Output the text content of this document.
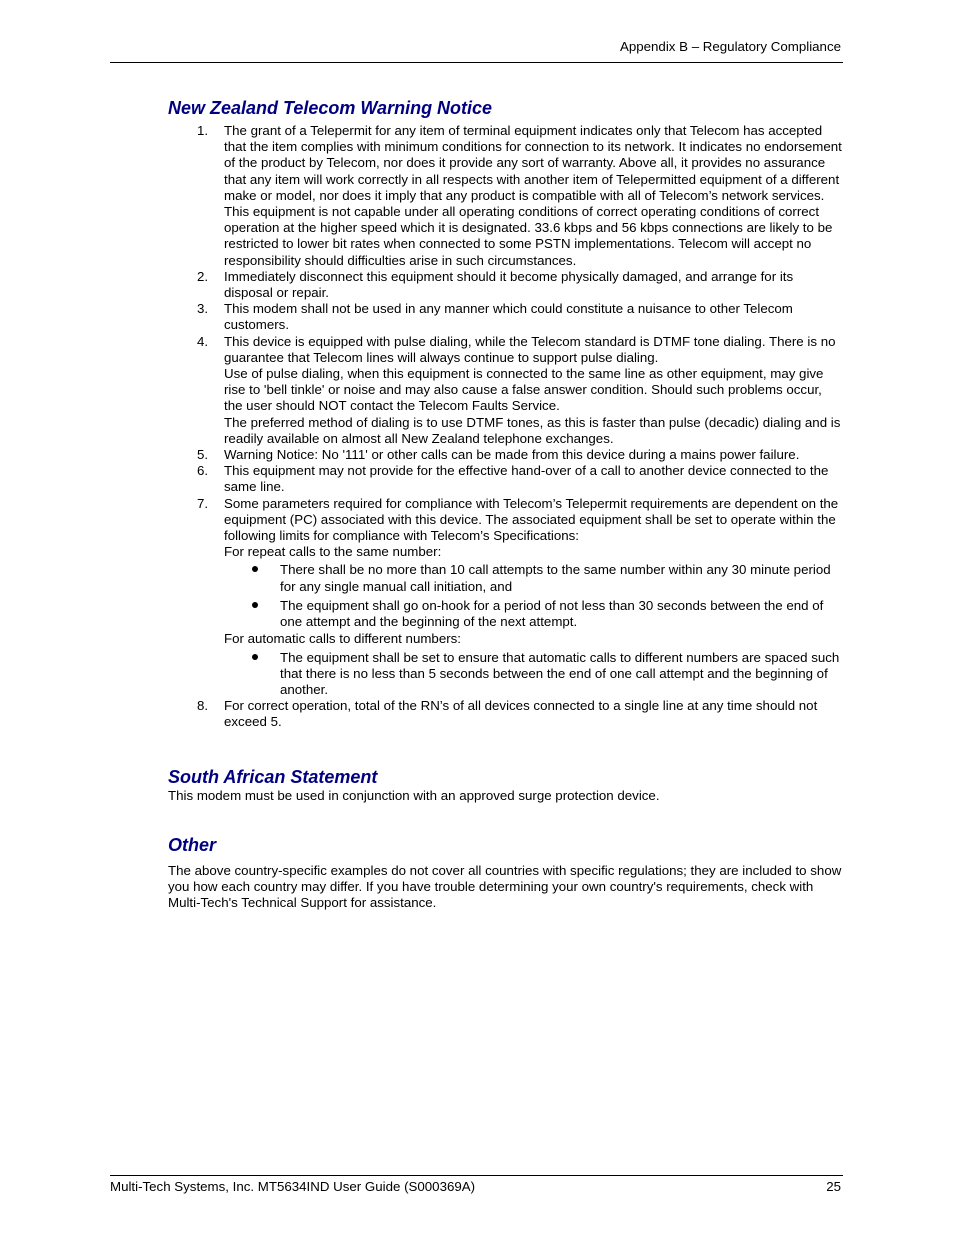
Appendix B – Regulatory Compliance
New Zealand Telecom Warning Notice
1. The grant of a Telepermit for any item of terminal equipment indicates only that Telecom has accepted that the item complies with minimum conditions for connection to its network. It indicates no endorsement of the product by Telecom, nor does it provide any sort of warranty. Above all, it provides no assurance that any item will work correctly in all respects with another item of Telepermitted equipment of a different make or model, nor does it imply that any product is compatible with all of Telecom’s network services.
This equipment is not capable under all operating conditions of correct operating conditions of correct operation at the higher speed which it is designated. 33.6 kbps and 56 kbps connections are likely to be restricted to lower bit rates when connected to some PSTN implementations. Telecom will accept no responsibility should difficulties arise in such circumstances.
2. Immediately disconnect this equipment should it become physically damaged, and arrange for its disposal or repair.
3. This modem shall not be used in any manner which could constitute a nuisance to other Telecom customers.
4. This device is equipped with pulse dialing, while the Telecom standard is DTMF tone dialing. There is no guarantee that Telecom lines will always continue to support pulse dialing.
Use of pulse dialing, when this equipment is connected to the same line as other equipment, may give rise to 'bell tinkle' or noise and may also cause a false answer condition. Should such problems occur, the user should NOT contact the Telecom Faults Service.
The preferred method of dialing is to use DTMF tones, as this is faster than pulse (decadic) dialing and is readily available on almost all New Zealand telephone exchanges.
5. Warning Notice: No '111' or other calls can be made from this device during a mains power failure.
6. This equipment may not provide for the effective hand-over of a call to another device connected to the same line.
7. Some parameters required for compliance with Telecom’s Telepermit requirements are dependent on the equipment (PC) associated with this device. The associated equipment shall be set to operate within the following limits for compliance with Telecom’s Specifications:
For repeat calls to the same number:
There shall be no more than 10 call attempts to the same number within any 30 minute period for any single manual call initiation, and
The equipment shall go on-hook for a period of not less than 30 seconds between the end of one attempt and the beginning of the next attempt.
For automatic calls to different numbers:
The equipment shall be set to ensure that automatic calls to different numbers are spaced such that there is no less than 5 seconds between the end of one call attempt and the beginning of another.
8. For correct operation, total of the RN’s of all devices connected to a single line at any time should not exceed 5.
South African Statement

This modem must be used in conjunction with an approved surge protection device.

Other

The above country-specific examples do not cover all countries with specific regulations; they are included to show you how each country may differ. If you have trouble determining your own country's requirements, check with Multi-Tech's Technical Support for assistance.

Multi-Tech Systems, Inc. MT5634IND User Guide (S000369A)	25
